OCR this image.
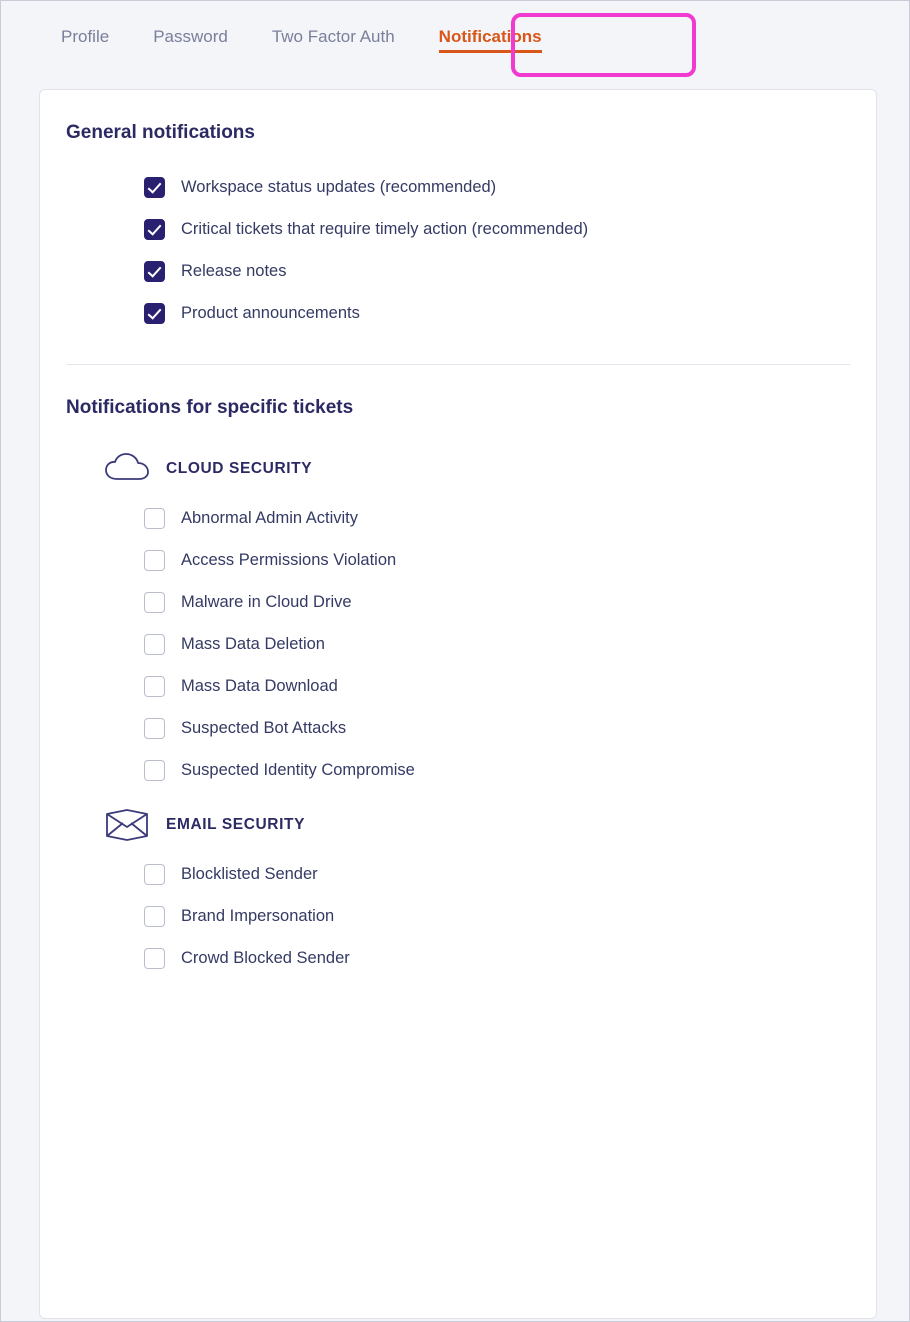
Profile	Password	Two Factor Auth	Notifications
General notifications
Workspace status updates (recommended)
Critical tickets that require timely action (recommended)
Release notes
Product announcements
Notifications for specific tickets
CLOUD SECURITY
Abnormal Admin Activity
Access Permissions Violation
Malware in Cloud Drive
Mass Data Deletion
Mass Data Download
Suspected Bot Attacks
Suspected Identity Compromise
EMAIL SECURITY
Blocklisted Sender
Brand Impersonation
Crowd Blocked Sender
